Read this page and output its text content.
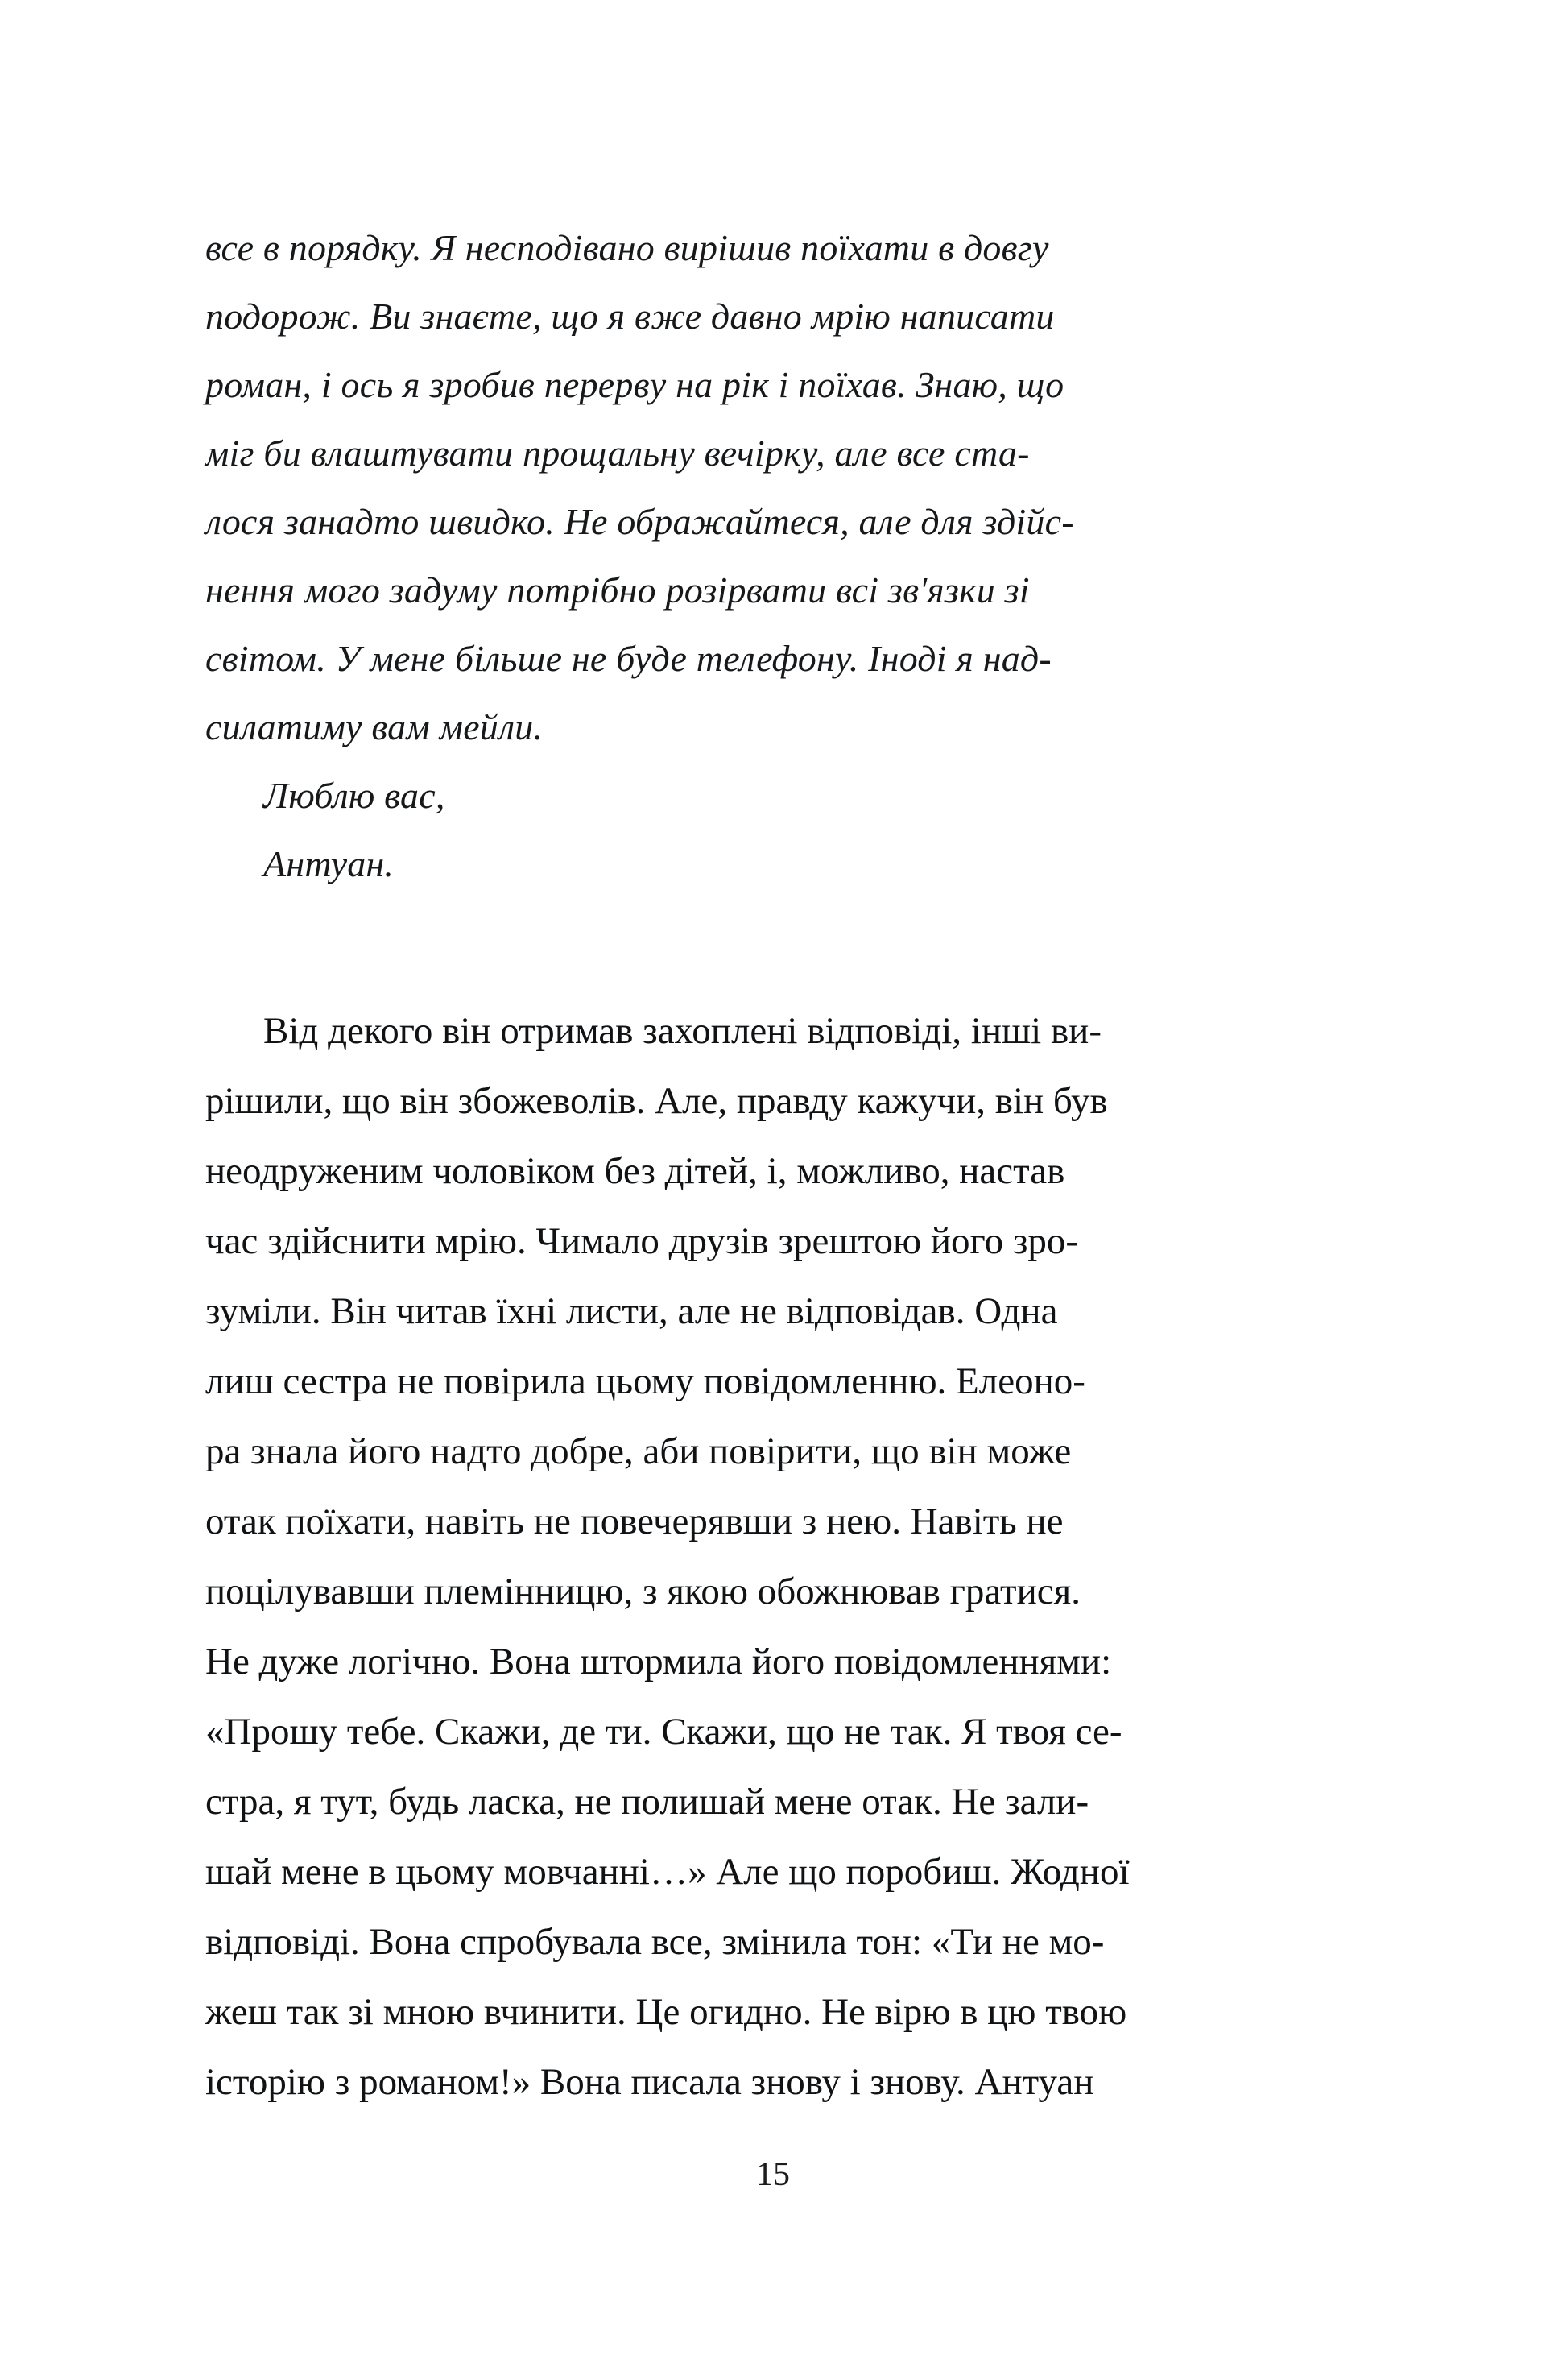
все в порядку. Я несподівано вирішив поїхати в довгу
подорож. Ви знаєте, що я вже давно мрію написати
роман, і ось я зробив перерву на рік і поїхав. Знаю, що
міг би влаштувати прощальну вечірку, але все ста-
лося занадто швидко. Не ображайтеся, але для здійс-
нення мого задуму потрібно розірвати всі зв'язки зі
світом. У мене більше не буде телефону. Іноді я над-
силатиму вам мейли.
Люблю вас,
Антуан.
Від декого він отримав захоплені відповіді, інші ви-
рішили, що він збожеволів. Але, правду кажучи, він був
неодруженим чоловіком без дітей, і, можливо, настав
час здійснити мрію. Чимало друзів зрештою його зро-
зуміли. Він читав їхні листи, але не відповідав. Одна
лиш сестра не повірила цьому повідомленню. Елеоно-
ра знала його надто добре, аби повірити, що він може
отак поїхати, навіть не повечерявши з нею. Навіть не
поцілувавши племінницю, з якою обожнював гратися.
Не дуже логічно. Вона штормила його повідомленнями:
«Прошу тебе. Скажи, де ти. Скажи, що не так. Я твоя се-
стра, я тут, будь ласка, не полишай мене отак. Не зали-
шай мене в цьому мовчанні…» Але що поробиш. Жодної
відповіді. Вона спробувала все, змінила тон: «Ти не мо-
жеш так зі мною вчинити. Це огидно. Не вірю в цю твою
історію з романом!» Вона писала знову і знову. Антуан
15
